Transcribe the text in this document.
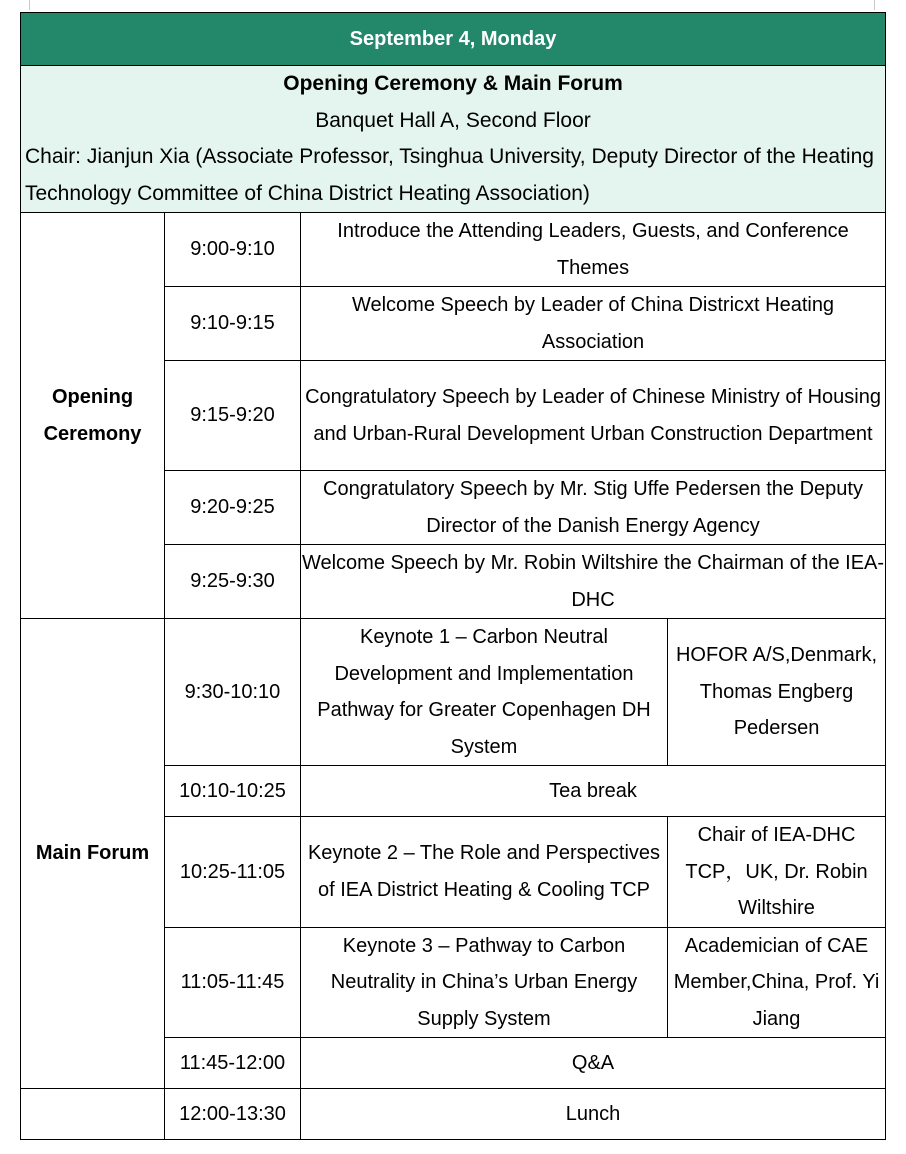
September 4, Monday			

Opening Ceremony & Main Forum
Banquet Hall A, Second Floor
Chair: Jianjun Xia (Associate Professor, Tsinghua University, Deputy Director of the Heating Technology Committee of China District Heating Association)			

Opening Ceremony	9:00-9:10	Introduce the Attending Leaders, Guests, and Conference Themes	
	9:10-9:15	Welcome Speech by Leader of China Districxt Heating Association	
	9:15-9:20	Congratulatory Speech by Leader of Chinese Ministry of Housing and Urban-Rural Development Urban Construction Department	
	9:20-9:25	Congratulatory Speech by Mr. Stig Uffe Pedersen the Deputy Director of the Danish Energy Agency	
	9:25-9:30	Welcome Speech by Mr. Robin Wiltshire the Chairman of the IEA-DHC	
Main Forum	9:30-10:10	Keynote 1 – Carbon Neutral Development and Implementation Pathway for Greater Copenhagen DH System	HOFOR A/S,Denmark, Thomas Engberg Pedersen
	10:10-10:25	Tea break	
	10:25-11:05	Keynote 2 – The Role and Perspectives of IEA District Heating & Cooling TCP	Chair of IEA-DHC TCP，UK, Dr. Robin Wiltshire
	11:05-11:45	Keynote 3 – Pathway to Carbon Neutrality in China’s Urban Energy Supply System	Academician of CAE Member,China, Prof. Yi Jiang
	11:45-12:00	Q&A	
	12:00-13:30	Lunch	
